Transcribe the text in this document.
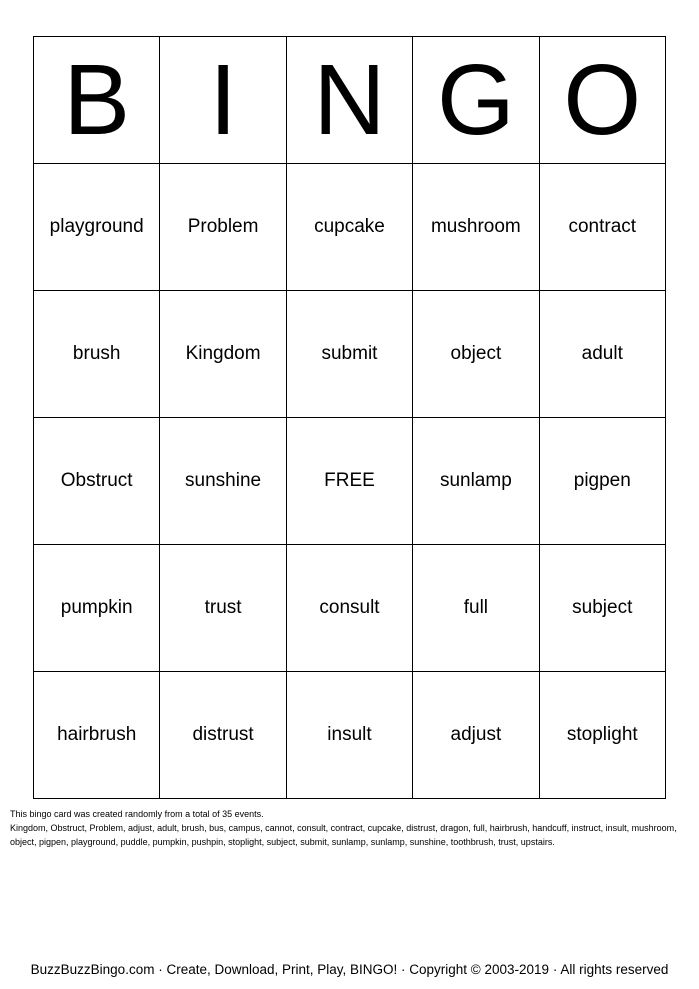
B	I	N	G	O
playground	Problem	cupcake	mushroom	contract
brush	Kingdom	submit	object	adult
Obstruct	sunshine	FREE	sunlamp	pigpen
pumpkin	trust	consult	full	subject
hairbrush	distrust	insult	adjust	stoplight
This bingo card was created randomly from a total of 35 events.
Kingdom, Obstruct, Problem, adjust, adult, brush, bus, campus, cannot, consult, contract, cupcake, distrust, dragon, full, hairbrush, handcuff, instruct, insult, mushroom, object, pigpen, playground, puddle, pumpkin, pushpin, stoplight, subject, submit, sunlamp, sunlamp, sunshine, toothbrush, trust, upstairs.
BuzzBuzzBingo.com · Create, Download, Print, Play, BINGO! · Copyright © 2003-2019 · All rights reserved
